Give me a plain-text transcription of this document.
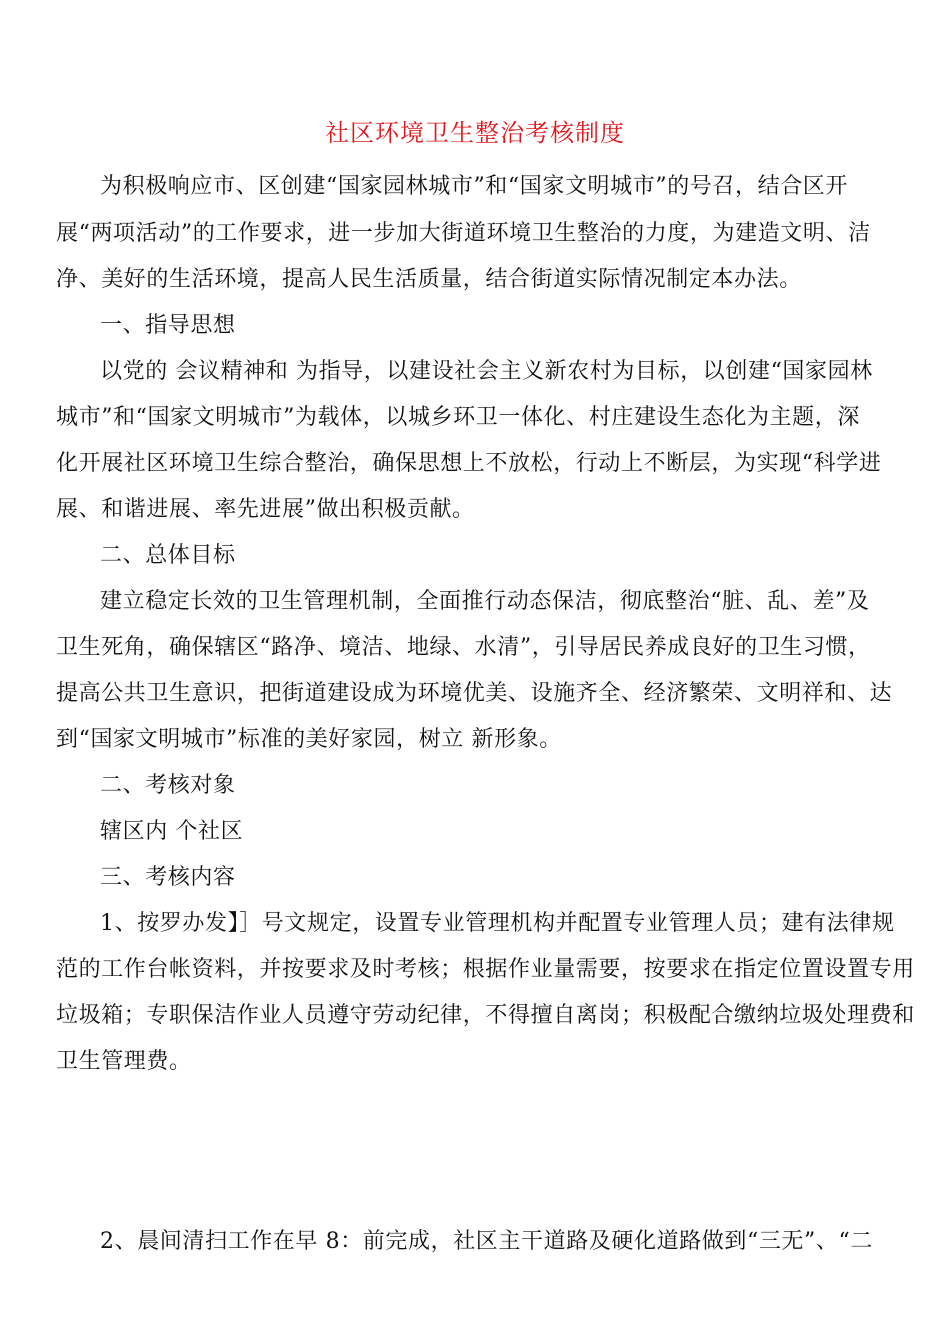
社区环境卫生整治考核制度
为积极响应市、区创建“国家园林城市”和“国家文明城市”的号召，结合区开
展“两项活动”的工作要求，进一步加大街道环境卫生整治的力度，为建造文明、洁
净、美好的生活环境，提高人民生活质量，结合街道实际情况制定本办法。
一、指导思想
以党的 会议精神和 为指导，以建设社会主义新农村为目标，以创建“国家园林
城市”和“国家文明城市”为载体，以城乡环卫一体化、村庄建设生态化为主题，深
化开展社区环境卫生综合整治，确保思想上不放松，行动上不断层，为实现“科学进
展、和谐进展、率先进展”做出积极贡献。
二、总体目标
建立稳定长效的卫生管理机制，全面推行动态保洁，彻底整治“脏、乱、差”及
卫生死角，确保辖区“路净、境洁、地绿、水清”，引导居民养成良好的卫生习惯，
提高公共卫生意识，把街道建设成为环境优美、设施齐全、经济繁荣、文明祥和、达
到“国家文明城市”标准的美好家园，树立 新形象。
二、考核对象
辖区内 个社区
三、考核内容
1、按罗办发】］号文规定，设置专业管理机构并配置专业管理人员；建有法律规
范的工作台帐资料，并按要求及时考核；根据作业量需要，按要求在指定位置设置专用
垃圾箱；专职保洁作业人员遵守劳动纪律，不得擅自离岗；积极配合缴纳垃圾处理费和
卫生管理费。
2、晨间清扫工作在早 8：前完成，社区主干道路及硬化道路做到“三无”、“二
